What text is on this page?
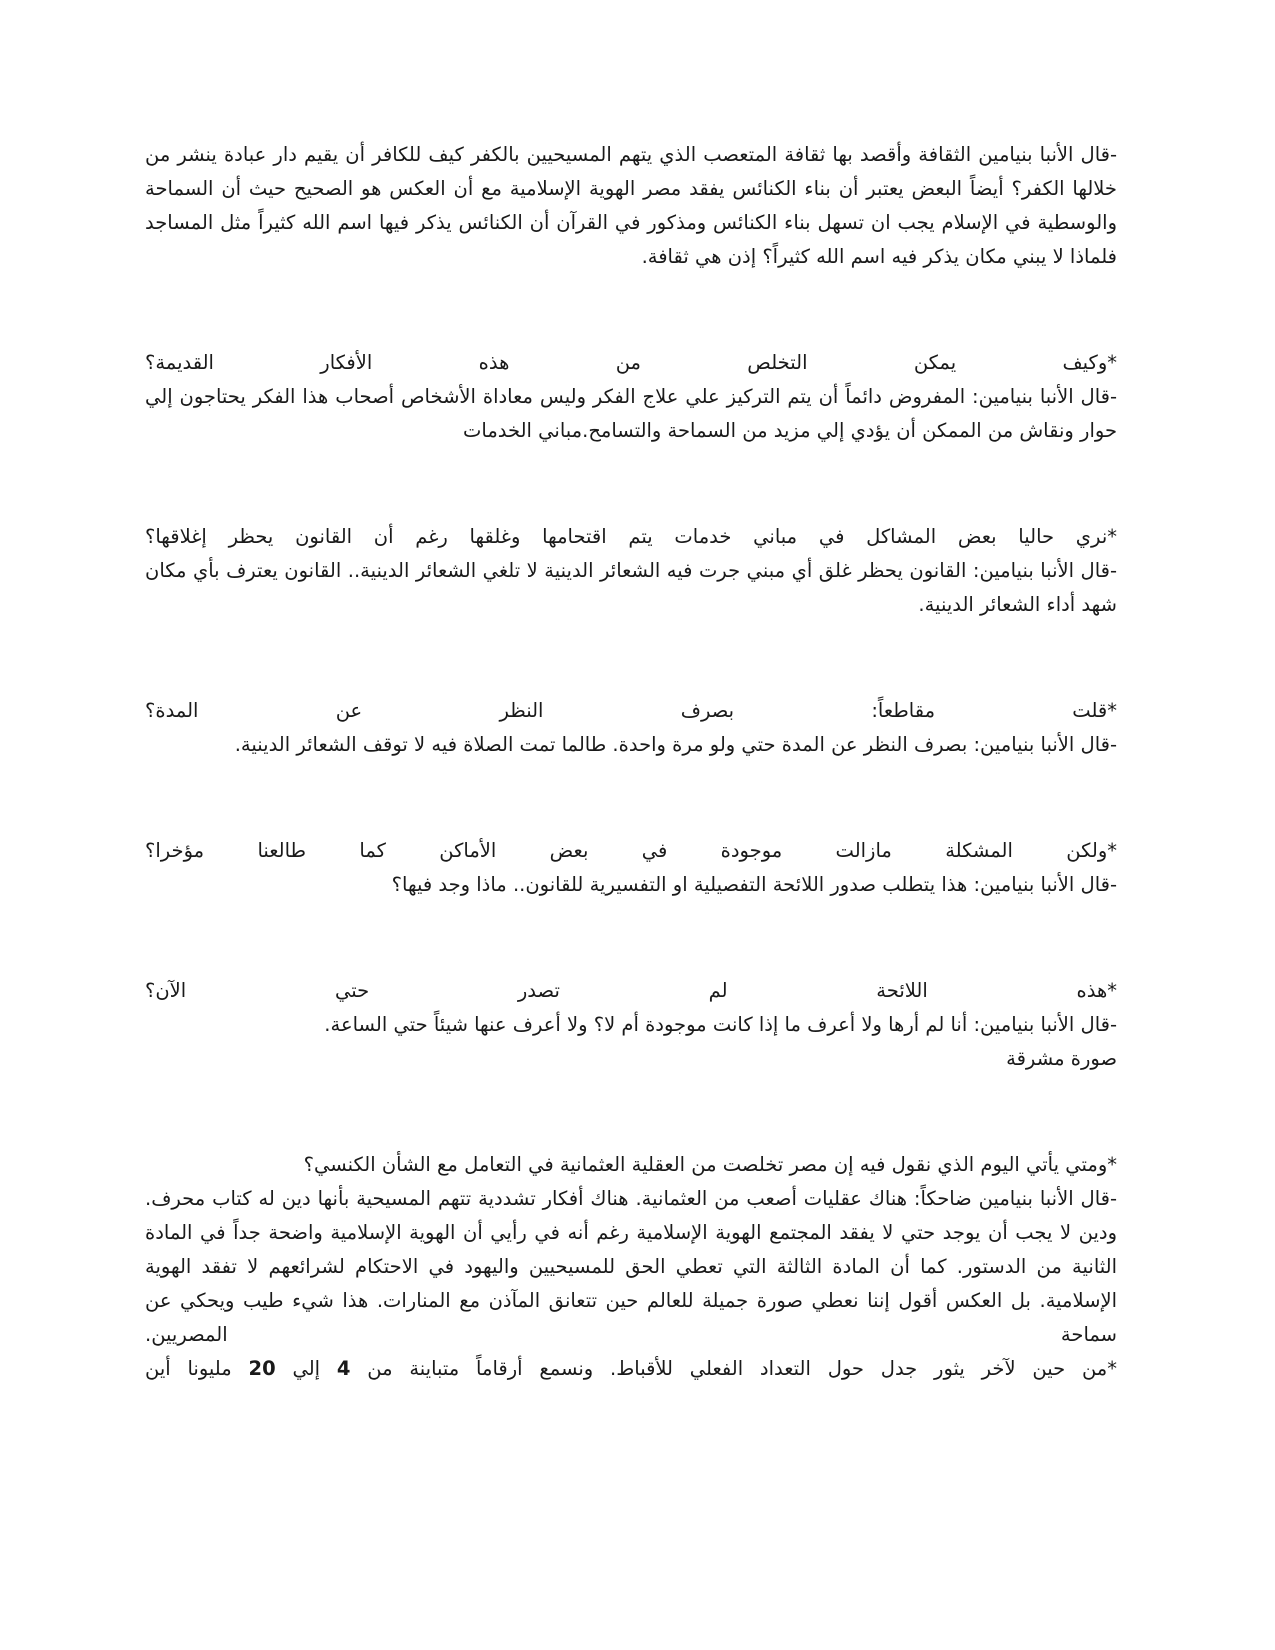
-قال الأنبا بنيامين الثقافة وأقصد بها ثقافة المتعصب الذي يتهم المسيحيين بالكفر كيف للكافر أن يقيم دار عبادة ينشر من خلالها الكفر؟ أيضاً البعض يعتبر أن بناء الكنائس يفقد مصر الهوية الإسلامية مع أن العكس هو الصحيح حيث أن السماحة والوسطية في الإسلام يجب ان تسهل بناء الكنائس ومذكور في القرآن أن الكنائس يذكر فيها اسم الله كثيراً مثل المساجد فلماذا لا يبني مكان يذكر فيه اسم الله كثيراً؟ إذن هي ثقافة.

*وكيف يمكن التخلص من هذه الأفكار القديمة؟

-قال الأنبا بنيامين: المفروض دائماً أن يتم التركيز علي علاج الفكر وليس معاداة الأشخاص أصحاب هذا الفكر يحتاجون إلي حوار ونقاش من الممكن أن يؤدي إلي مزيد من السماحة والتسامح.مباني الخدمات

*نري حاليا بعض المشاكل في مباني خدمات يتم اقتحامها وغلقها رغم أن القانون يحظر إغلاقها؟

-قال الأنبا بنيامين: القانون يحظر غلق أي مبني جرت فيه الشعائر الدينية لا تلغي الشعائر الدينية.. القانون يعترف بأي مكان شهد أداء الشعائر الدينية.

*قلت مقاطعاً: بصرف النظر عن المدة؟

-قال الأنبا بنيامين: بصرف النظر عن المدة حتي ولو مرة واحدة. طالما تمت الصلاة فيه لا توقف الشعائر الدينية.

*ولكن المشكلة مازالت موجودة في بعض الأماكن كما طالعنا مؤخرا؟

-قال الأنبا بنيامين: هذا يتطلب صدور اللائحة التفصيلية او التفسيرية للقانون.. ماذا وجد فيها؟

*هذه اللائحة لم تصدر حتي الآن؟

-قال الأنبا بنيامين: أنا لم أرها ولا أعرف ما إذا كانت موجودة أم لا؟ ولا أعرف عنها شيئاً حتي الساعة.

صورة مشرقة

*ومتي يأتي اليوم الذي نقول فيه إن مصر تخلصت من العقلية العثمانية في التعامل مع الشأن الكنسي؟

-قال الأنبا بنيامين ضاحكاً: هناك عقليات أصعب من العثمانية. هناك أفكار تشددية تتهم المسيحية بأنها دين له كتاب محرف. ودين لا يجب أن يوجد حتي لا يفقد المجتمع الهوية الإسلامية رغم أنه في رأيي أن الهوية الإسلامية واضحة جداً في المادة الثانية من الدستور. كما أن المادة الثالثة التي تعطي الحق للمسيحيين واليهود في الاحتكام لشرائعهم لا تفقد الهوية الإسلامية. بل العكس أقول إننا نعطي صورة جميلة للعالم حين تتعانق المآذن مع المنارات. هذا شيء طيب ويحكي عن سماحة المصريين.

*من حين لآخر يثور جدل حول التعداد الفعلي للأقباط. ونسمع أرقاماً متباينة من 4 إلي 20 مليونا أين
